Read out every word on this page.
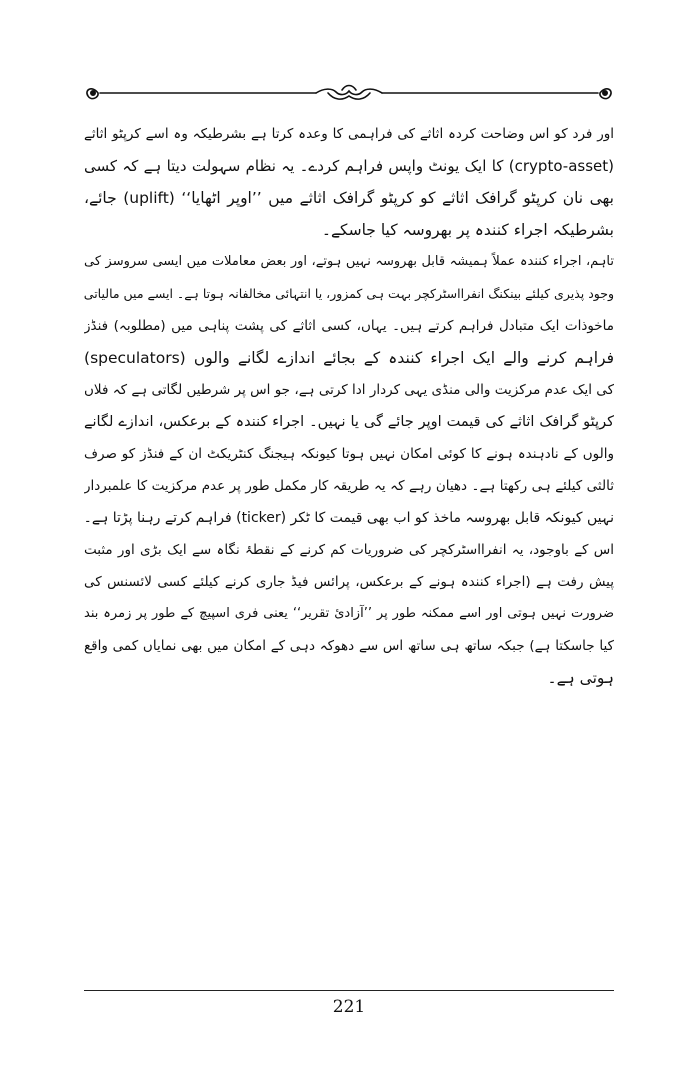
اور فرد کو اس وضاحت کردہ اثاثے کی فراہمی کا وعدہ کرتا ہے بشرطیکہ وہ اسے کرپٹو اثاثے
(crypto-asset) کا ایک یونٹ واپس فراہم کردے۔ یہ نظام سہولت دیتا ہے کہ کسی
بھی نان کرپٹو گرافک اثاثے کو کرپٹو گرافک اثاثے میں ’’اوپر اٹھایا‘‘ (uplift) جائے،
بشرطیکہ اجراء کنندہ پر بھروسہ کیا جاسکے۔
تاہم، اجراء کنندہ عملاً ہمیشہ قابل بھروسہ نہیں ہوتے، اور بعض معاملات میں ایسی سروسز کی
وجود پذیری کیلئے بینکنگ انفرااسٹرکچر بہت ہی کمزور، یا انتہائی مخالفانہ ہوتا ہے۔ ایسے میں مالیاتی
ماخوذات ایک متبادل فراہم کرتے ہیں۔ یہاں، کسی اثاثے کی پشت پناہی میں (مطلوبہ) فنڈز
فراہم کرنے والے ایک اجراء کنندہ کے بجائے اندازے لگانے والوں (speculators)
کی ایک عدم مرکزیت والی منڈی یہی کردار ادا کرتی ہے، جو اس پر شرطیں لگاتی ہے کہ فلاں
کرپٹو گرافک اثاثے کی قیمت اوپر جائے گی یا نہیں۔ اجراء کنندہ کے برعکس، اندازے لگانے
والوں کے نادہندہ ہونے کا کوئی امکان نہیں ہوتا کیونکہ ہیجنگ کنٹریکٹ ان کے فنڈز کو صرف
ثالثی کیلئے ہی رکھتا ہے۔ دھیان رہے کہ یہ طریقہ کار مکمل طور پر عدم مرکزیت کا علمبردار
نہیں کیونکہ قابل بھروسہ ماخذ کو اب بھی قیمت کا ٹکر (ticker) فراہم کرتے رہنا پڑتا ہے۔
اس کے باوجود، یہ انفرااسٹرکچر کی ضروریات کم کرنے کے نقطۂ نگاہ سے ایک بڑی اور مثبت
پیش رفت ہے (اجراء کنندہ ہونے کے برعکس، پرائس فیڈ جاری کرنے کیلئے کسی لائسنس کی
ضرورت نہیں ہوتی اور اسے ممکنہ طور پر ’’آزادئ تقریر‘‘ یعنی فری اسپیچ کے طور پر زمرہ بند
کیا جاسکتا ہے) جبکہ ساتھ ہی ساتھ اس سے دھوکہ دہی کے امکان میں بھی نمایاں کمی واقع
ہوتی ہے۔
221
